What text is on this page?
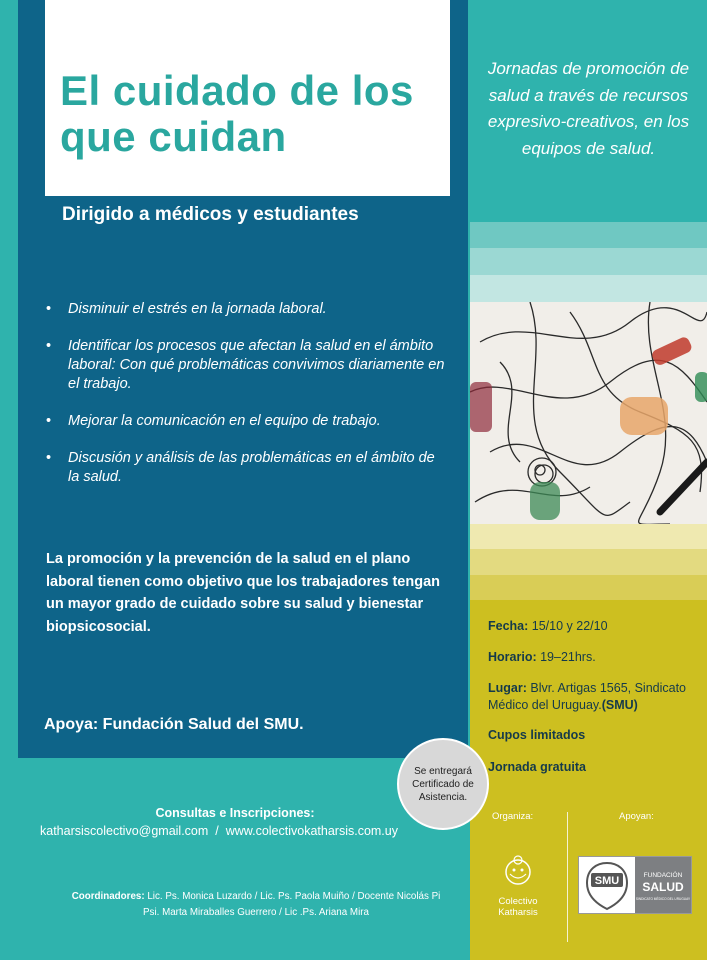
El cuidado de los que cuidan
Dirigido a médicos y estudiantes
• Disminuir el estrés en la jornada laboral.
• Identificar los procesos que afectan la salud en el ámbito laboral: Con qué problemáticas convivimos diariamente en el trabajo.
• Mejorar la comunicación en el equipo de trabajo.
• Discusión y análisis de las problemáticas en el ámbito de la salud.
La promoción y la prevención de la salud en el plano laboral tienen como objetivo que los trabajadores tengan un mayor grado de cuidado sobre su salud y bienestar biopsicosocial.
Apoya: Fundación Salud del SMU.
Jornadas de promoción de salud a través de recursos expresivo-creativos, en los equipos de salud.
Fecha: 15/10 y 22/10
Horario: 19–21hrs.
Lugar: Blvr. Artigas 1565, Sindicato Médico del Uruguay.(SMU)
Cupos limitados
Jornada gratuita
Se entregará Certificado de Asistencia.
Consultas e Inscripciones:
katharsiscolectivo@gmail.com / www.colectivokatharsis.com.uy
Coordinadores: Lic. Ps. Monica Luzardo / Lic. Ps. Paola Muiño / Docente Nicolás Pi
Psi. Marta Miraballes Guerrero / Lic .Ps. Ariana Mira
Organiza:	Apoyan:
Colectivo Katharsis
SMU	FUNDACIÓN
SALUD
SINDICATO MÉDICO DEL URUGUAY
